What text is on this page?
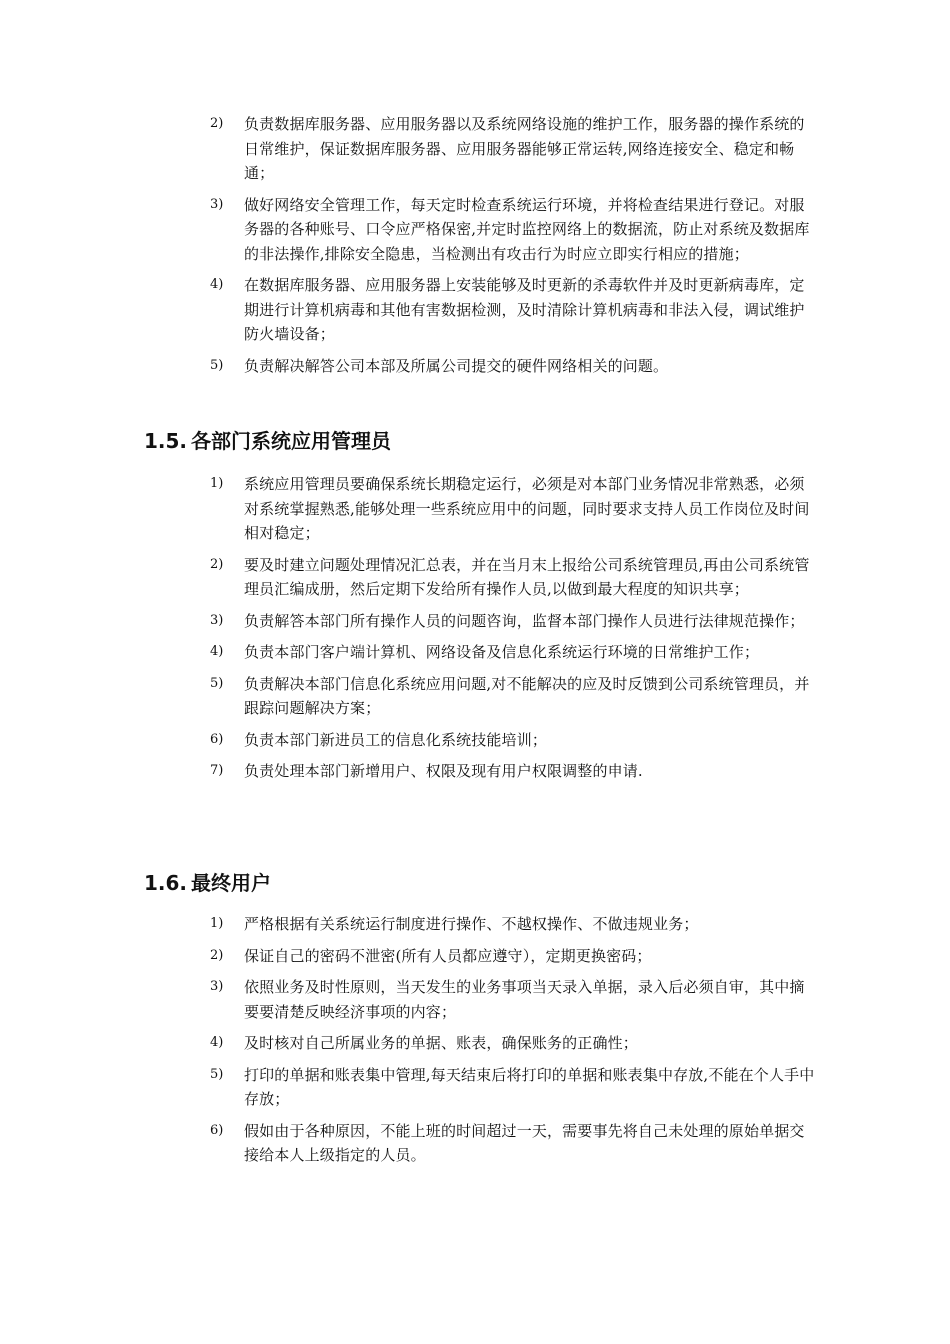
2)	负责数据库服务器、应用服务器以及系统网络设施的维护工作，服务器的操作系统的日常维护，保证数据库服务器、应用服务器能够正常运转,网络连接安全、稳定和畅通；
3)	做好网络安全管理工作，每天定时检查系统运行环境，并将检查结果进行登记。对服务器的各种账号、口令应严格保密,并定时监控网络上的数据流，防止对系统及数据库的非法操作,排除安全隐患，当检测出有攻击行为时应立即实行相应的措施；
4)	在数据库服务器、应用服务器上安装能够及时更新的杀毒软件并及时更新病毒库，定期进行计算机病毒和其他有害数据检测，及时清除计算机病毒和非法入侵，调试维护防火墙设备；
5)	负责解决解答公司本部及所属公司提交的硬件网络相关的问题。
1.5. 各部门系统应用管理员
1)	系统应用管理员要确保系统长期稳定运行，必须是对本部门业务情况非常熟悉，必须对系统掌握熟悉,能够处理一些系统应用中的问题，同时要求支持人员工作岗位及时间相对稳定；
2)	要及时建立问题处理情况汇总表，并在当月末上报给公司系统管理员,再由公司系统管理员汇编成册，然后定期下发给所有操作人员,以做到最大程度的知识共享；
3)	负责解答本部门所有操作人员的问题咨询，监督本部门操作人员进行法律规范操作；
4)	负责本部门客户端计算机、网络设备及信息化系统运行环境的日常维护工作；
5)	负责解决本部门信息化系统应用问题,对不能解决的应及时反馈到公司系统管理员，并跟踪问题解决方案；
6)	负责本部门新进员工的信息化系统技能培训；
7)	负责处理本部门新增用户、权限及现有用户权限调整的申请.
1.6. 最终用户
1)	严格根据有关系统运行制度进行操作、不越权操作、不做违规业务；
2)	保证自己的密码不泄密(所有人员都应遵守），定期更换密码；
3)	依照业务及时性原则，当天发生的业务事项当天录入单据，录入后必须自审，其中摘要要清楚反映经济事项的内容；
4)	及时核对自己所属业务的单据、账表，确保账务的正确性；
5)	打印的单据和账表集中管理,每天结束后将打印的单据和账表集中存放,不能在个人手中存放；
6)	假如由于各种原因，不能上班的时间超过一天，需要事先将自己未处理的原始单据交接给本人上级指定的人员。
